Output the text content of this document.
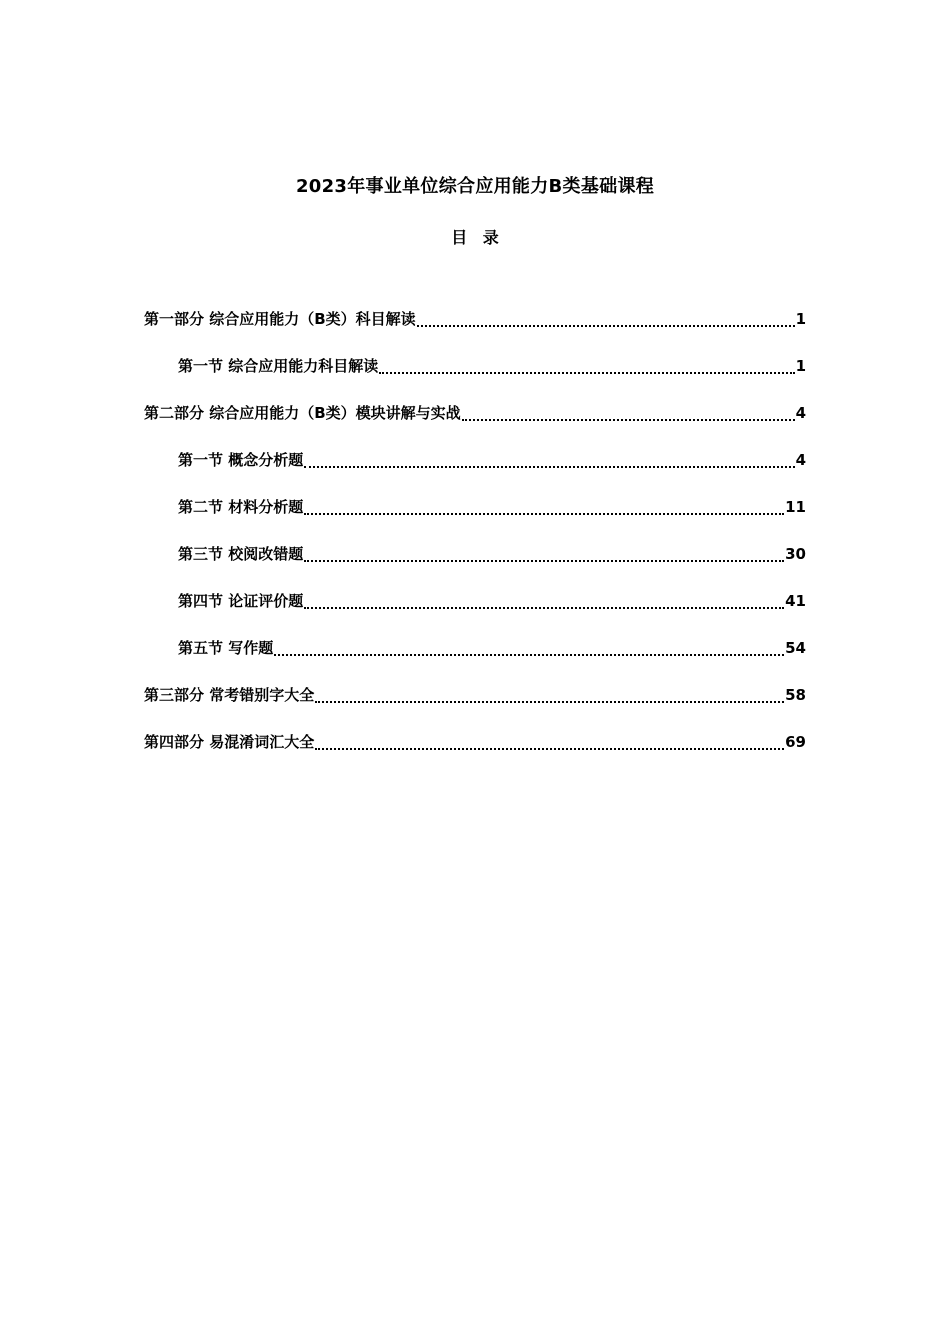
2023年事业单位综合应用能力B类基础课程
目 录
第一部分 综合应用能力（B类）科目解读	1
第一节 综合应用能力科目解读	1
第二部分 综合应用能力（B类）模块讲解与实战	4
第一节 概念分析题	4
第二节 材料分析题	11
第三节 校阅改错题	30
第四节 论证评价题	41
第五节 写作题	54
第三部分 常考错别字大全	58
第四部分 易混淆词汇大全	69
